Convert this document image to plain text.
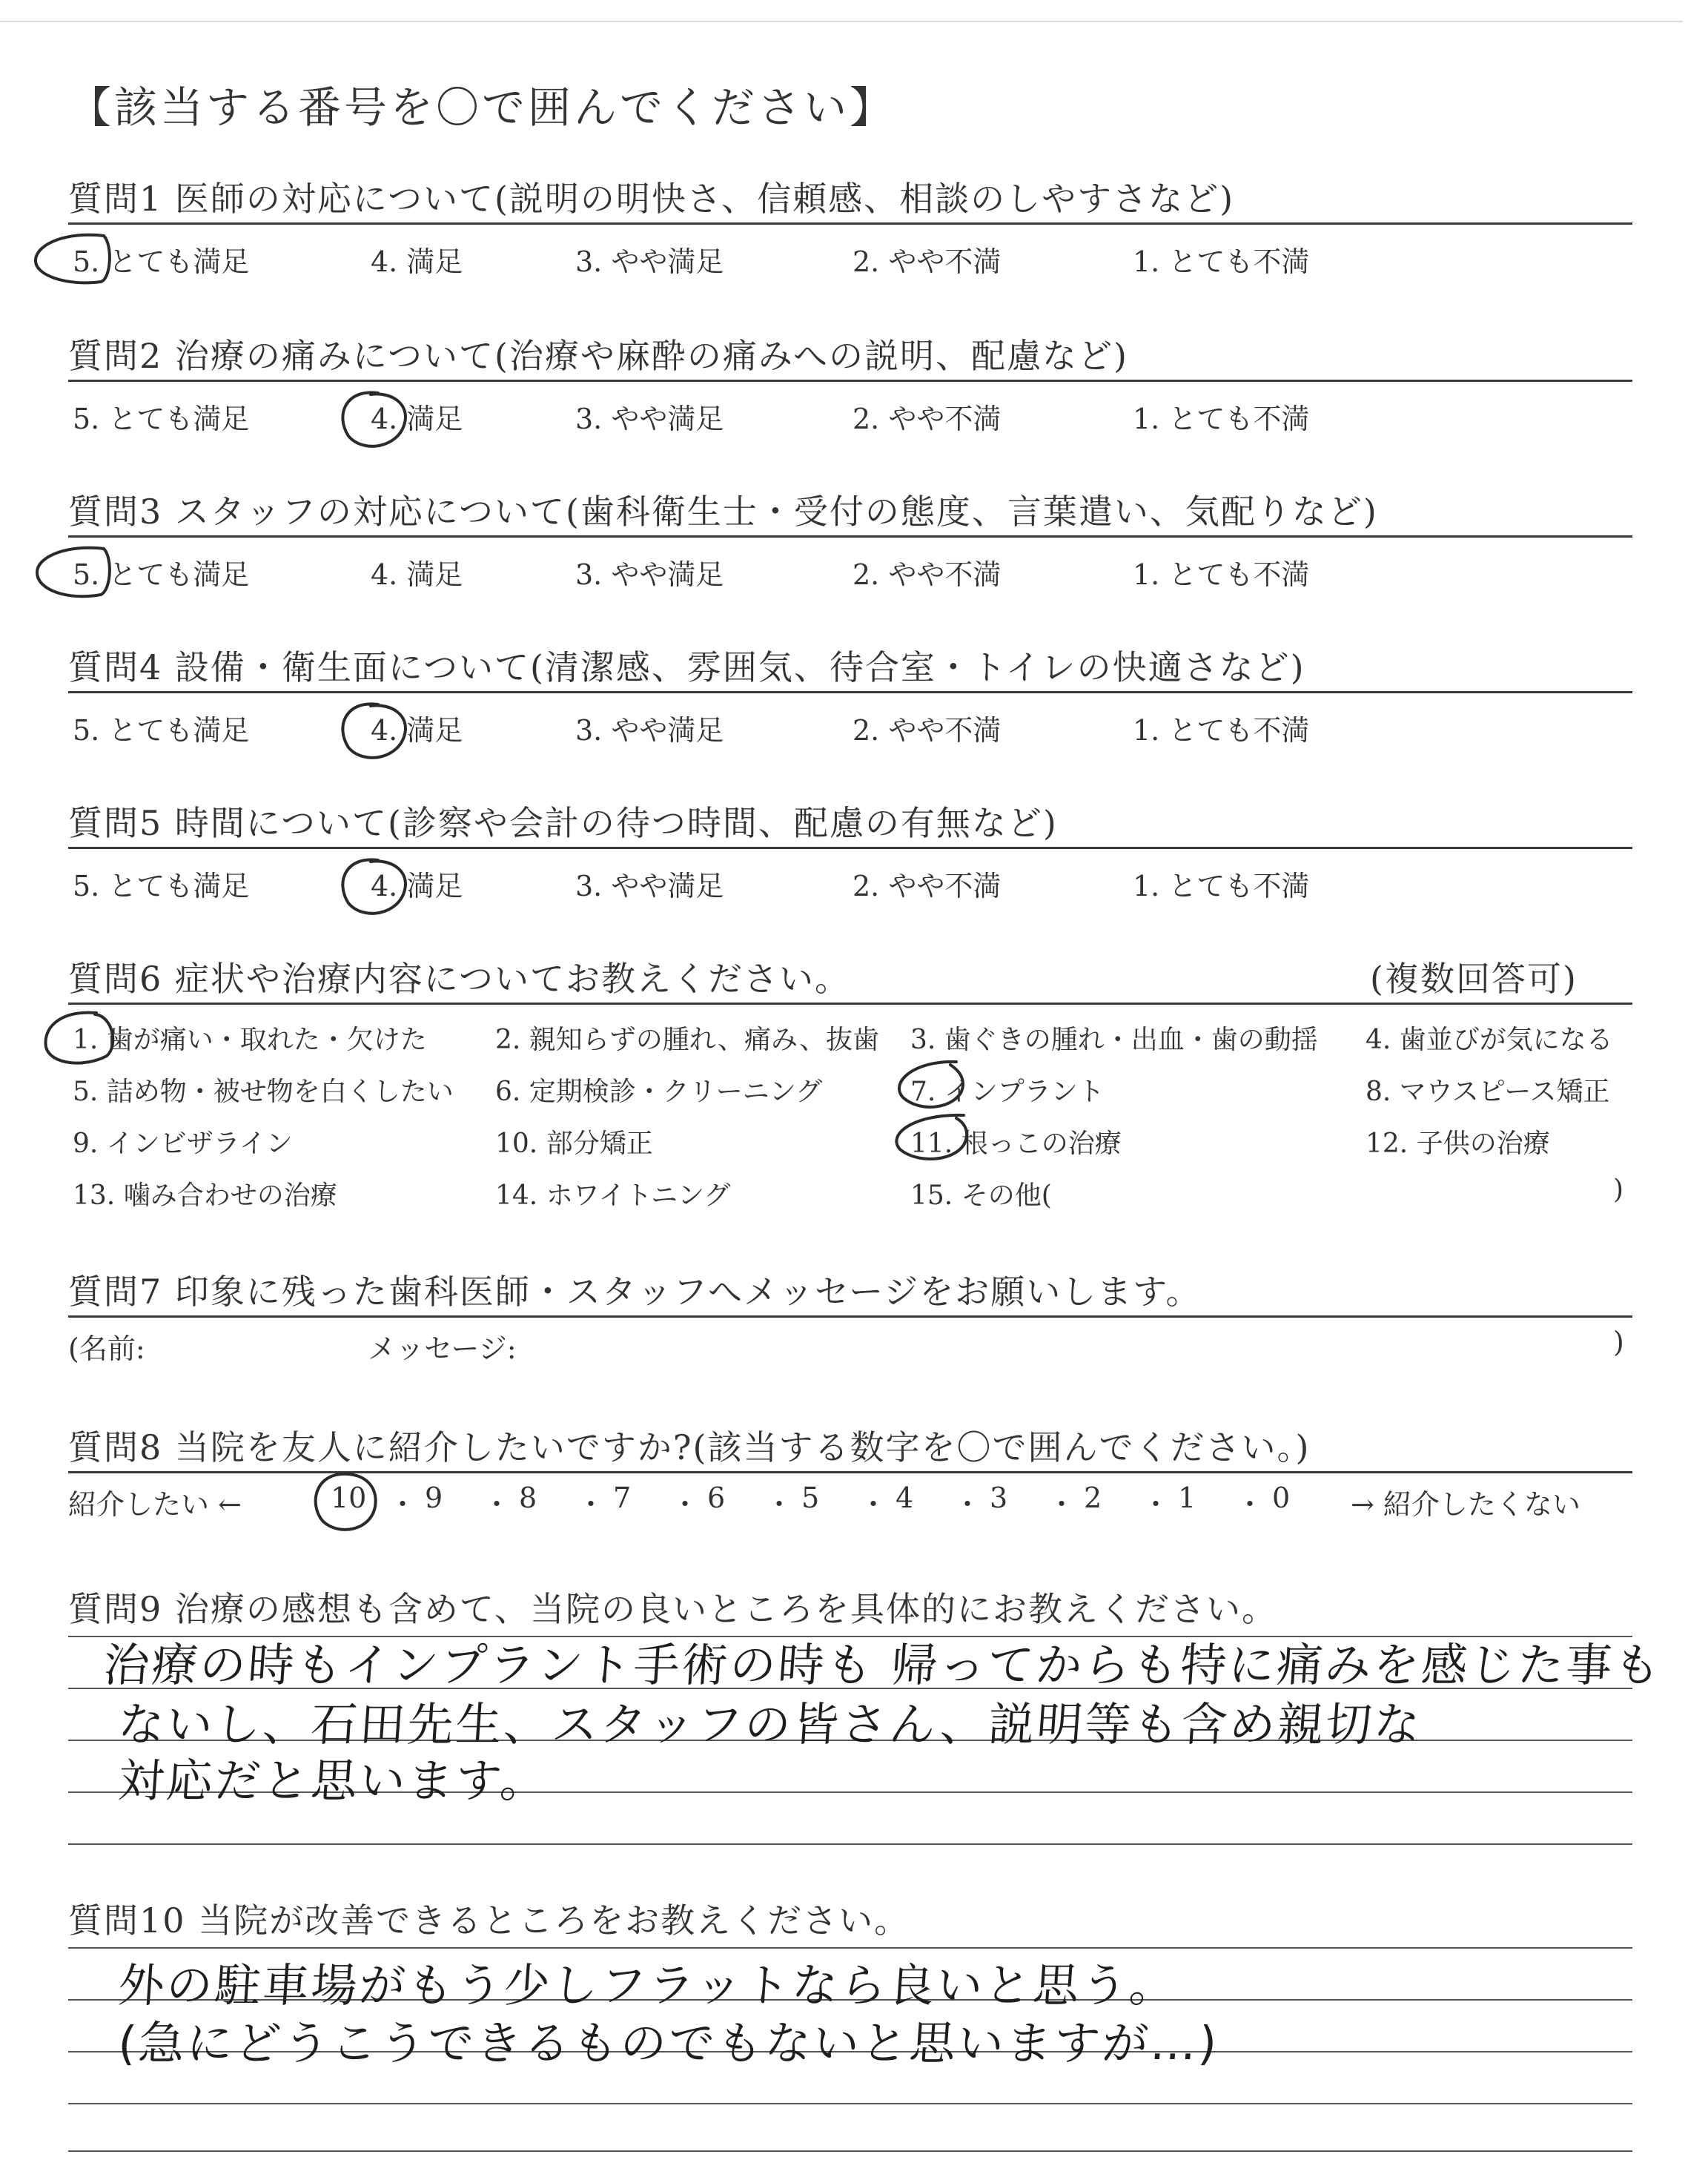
【該当する番号を〇で囲んでください】
質問1 医師の対応について(説明の明快さ、信頼感、相談のしやすさなど)
5. とても満足	4. 満足	3. やや満足	2. やや不満	1. とても不満
質問2 治療の痛みについて(治療や麻酔の痛みへの説明、配慮など)
5. とても満足	4. 満足	3. やや満足	2. やや不満	1. とても不満
質問3 スタッフの対応について(歯科衛生士・受付の態度、言葉遣い、気配りなど)
5. とても満足	4. 満足	3. やや満足	2. やや不満	1. とても不満
質問4 設備・衛生面について(清潔感、雰囲気、待合室・トイレの快適さなど)
5. とても満足	4. 満足	3. やや満足	2. やや不満	1. とても不満
質問5 時間について(診察や会計の待つ時間、配慮の有無など)
5. とても満足	4. 満足	3. やや満足	2. やや不満	1. とても不満
質問6 症状や治療内容についてお教えください。	(複数回答可)
1. 歯が痛い・取れた・欠けた	2. 親知らずの腫れ、痛み、抜歯 3. 歯ぐきの腫れ・出血・歯の動揺 4. 歯並びが気になる
5. 詰め物・被せ物を白くしたい 6. 定期検診・クリーニング	7. インプラント	8. マウスピース矯正
9. インビザライン	10. 部分矯正	11. 根っこの治療	12. 子供の治療
13. 噛み合わせの治療	14. ホワイトニング	15. その他(	)
質問7 印象に残った歯科医師・スタッフへメッセージをお願いします。
(名前:	メッセージ:	)
質問8 当院を友人に紹介したいですか?(該当する数字を〇で囲んでください。)
紹介したい ←	→ 紹介したくない
10 ・ 9 ・ 8 ・ 7 ・ 6 ・ 5 ・ 4 ・ 3 ・ 2 ・ 1 ・ 0
質問9 治療の感想も含めて、当院の良いところを具体的にお教えください。
治療の時もインプラント手術の時も 帰ってからも特に痛みを感じた事も
ないし、石田先生、スタッフの皆さん、説明等も含め親切な
対応だと思います。
質問10 当院が改善できるところをお教えください。
外の駐車場がもう少しフラットなら良いと思う。
(急にどうこうできるものでもないと思いますが…)
